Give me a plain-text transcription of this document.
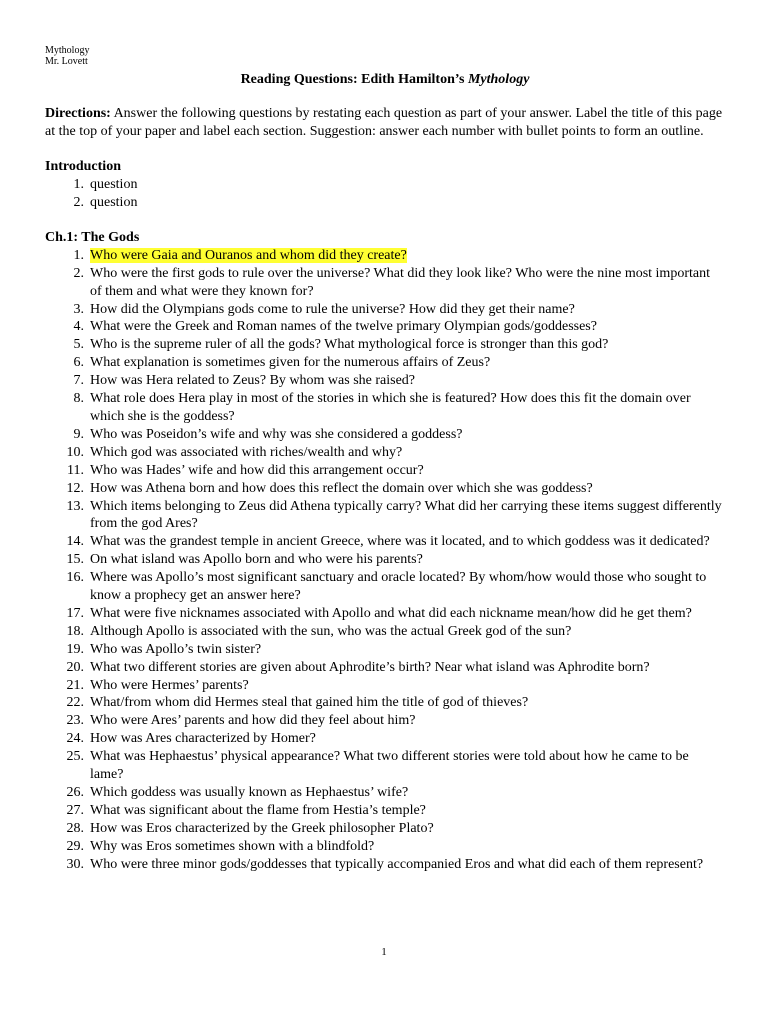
Mythology
Mr. Lovett
Reading Questions: Edith Hamilton’s Mythology
Directions: Answer the following questions by restating each question as part of your answer. Label the title of this page at the top of your paper and label each section. Suggestion: answer each number with bullet points to form an outline.
Introduction
1. question
2. question
Ch.1: The Gods
1. Who were Gaia and Ouranos and whom did they create?
2. Who were the first gods to rule over the universe? What did they look like? Who were the nine most important of them and what were they known for?
3. How did the Olympians gods come to rule the universe? How did they get their name?
4. What were the Greek and Roman names of the twelve primary Olympian gods/goddesses?
5. Who is the supreme ruler of all the gods? What mythological force is stronger than this god?
6. What explanation is sometimes given for the numerous affairs of Zeus?
7. How was Hera related to Zeus? By whom was she raised?
8. What role does Hera play in most of the stories in which she is featured? How does this fit the domain over which she is the goddess?
9. Who was Poseidon’s wife and why was she considered a goddess?
10. Which god was associated with riches/wealth and why?
11. Who was Hades’ wife and how did this arrangement occur?
12. How was Athena born and how does this reflect the domain over which she was goddess?
13. Which items belonging to Zeus did Athena typically carry? What did her carrying these items suggest differently from the god Ares?
14. What was the grandest temple in ancient Greece, where was it located, and to which goddess was it dedicated?
15. On what island was Apollo born and who were his parents?
16. Where was Apollo’s most significant sanctuary and oracle located? By whom/how would those who sought to know a prophecy get an answer here?
17. What were five nicknames associated with Apollo and what did each nickname mean/how did he get them?
18. Although Apollo is associated with the sun, who was the actual Greek god of the sun?
19. Who was Apollo’s twin sister?
20. What two different stories are given about Aphrodite’s birth? Near what island was Aphrodite born?
21. Who were Hermes’ parents?
22. What/from whom did Hermes steal that gained him the title of god of thieves?
23. Who were Ares’ parents and how did they feel about him?
24. How was Ares characterized by Homer?
25. What was Hephaestus’ physical appearance? What two different stories were told about how he came to be lame?
26. Which goddess was usually known as Hephaestus’ wife?
27. What was significant about the flame from Hestia’s temple?
28. How was Eros characterized by the Greek philosopher Plato?
29. Why was Eros sometimes shown with a blindfold?
30. Who were three minor gods/goddesses that typically accompanied Eros and what did each of them represent?
1
